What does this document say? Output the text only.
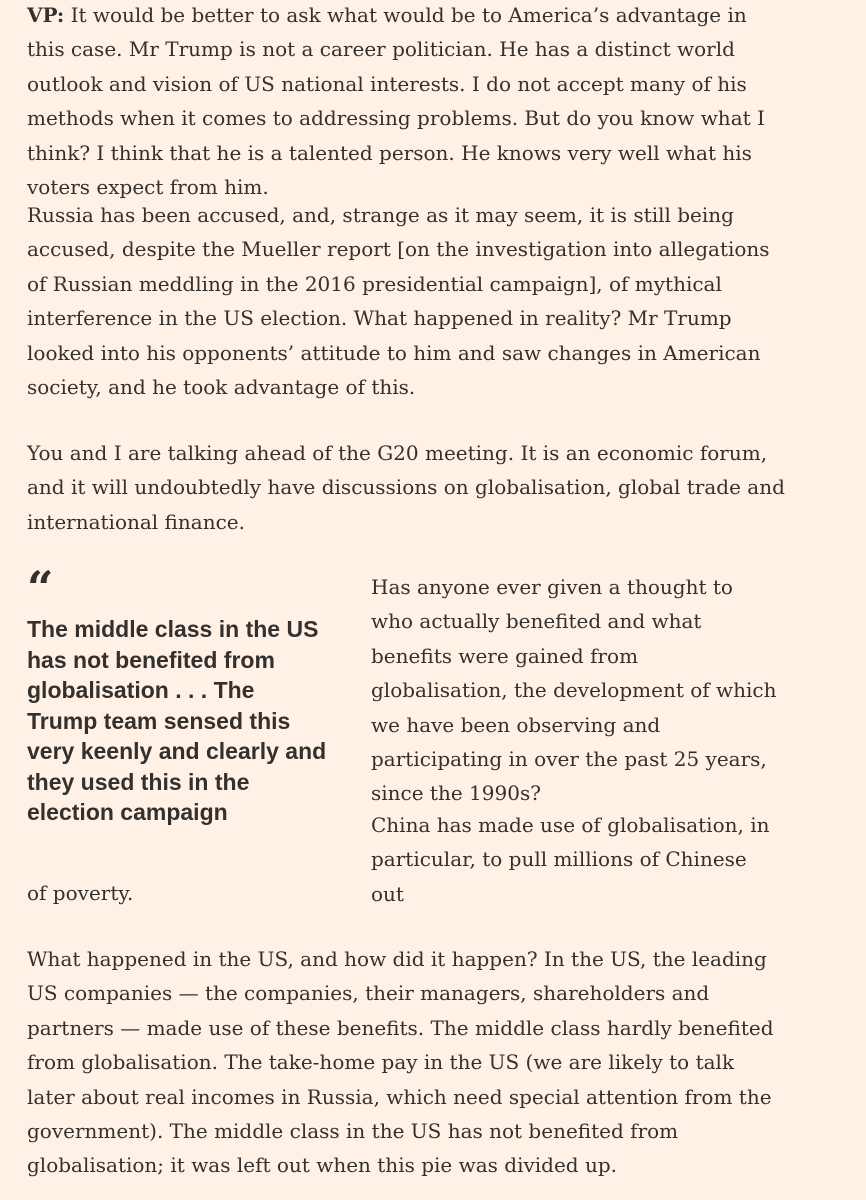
VP: It would be better to ask what would be to America’s advantage in this case. Mr Trump is not a career politician. He has a distinct world outlook and vision of US national interests. I do not accept many of his methods when it comes to addressing problems. But do you know what I think? I think that he is a talented person. He knows very well what his voters expect from him.

Russia has been accused, and, strange as it may seem, it is still being accused, despite the Mueller report [on the investigation into allegations of Russian meddling in the 2016 presidential campaign], of mythical interference in the US election. What happened in reality? Mr Trump looked into his opponents’ attitude to him and saw changes in American society, and he took advantage of this.

You and I are talking ahead of the G20 meeting. It is an economic forum, and it will undoubtedly have discussions on globalisation, global trade and international finance.

“
The middle class in the US has not benefited from globalisation . . . The Trump team sensed this very keenly and clearly and they used this in the election campaign

Has anyone ever given a thought to who actually benefited and what benefits were gained from globalisation, the development of which we have been observing and participating in over the past 25 years, since the 1990s?

China has made use of globalisation, in particular, to pull millions of Chinese out

of poverty.

What happened in the US, and how did it happen? In the US, the leading US companies — the companies, their managers, shareholders and partners — made use of these benefits. The middle class hardly benefited from globalisation. The take-home pay in the US (we are likely to talk later about real incomes in Russia, which need special attention from the government). The middle class in the US has not benefited from globalisation; it was left out when this pie was divided up.
